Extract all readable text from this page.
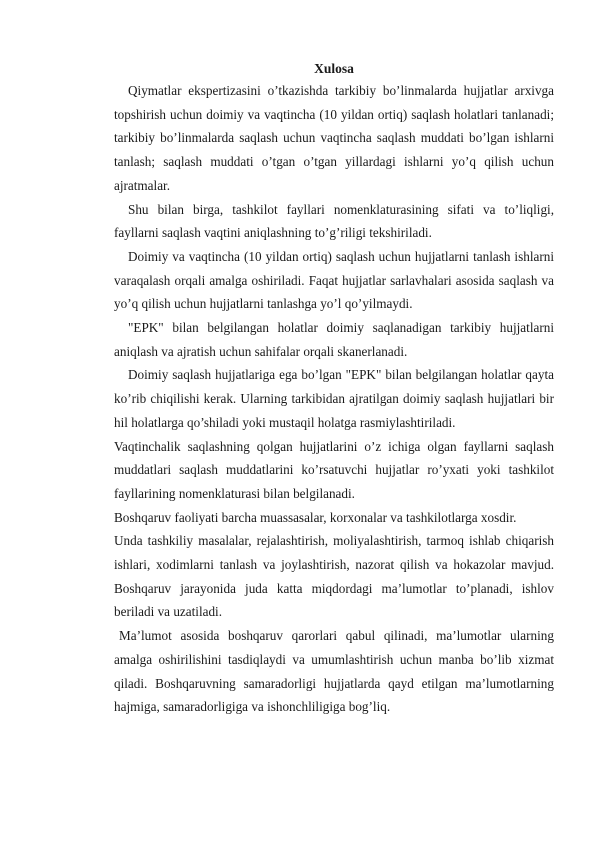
Xulosa

Qiymatlar ekspertizasini o’tkazishda tarkibiy bo’linmalarda hujjatlar arxivga topshirish uchun doimiy va vaqtincha (10 yildan ortiq) saqlash holatlari tanlanadi; tarkibiy bo’linmalarda saqlash uchun vaqtincha saqlash muddati bo’lgan ishlarni tanlash; saqlash muddati o’tgan o’tgan yillardagi ishlarni yo’q qilish uchun ajratmalar.

Shu bilan birga, tashkilot fayllari nomenklaturasining sifati va to’liqligi, fayllarni saqlash vaqtini aniqlashning to’g’riligi tekshiriladi.

Doimiy va vaqtincha (10 yildan ortiq) saqlash uchun hujjatlarni tanlash ishlarni varaqalash orqali amalga oshiriladi. Faqat hujjatlar sarlavhalari asosida saqlash va yo’q qilish uchun hujjatlarni tanlashga yo’l qo’yilmaydi.

"EPK" bilan belgilangan holatlar doimiy saqlanadigan tarkibiy hujjatlarni aniqlash va ajratish uchun sahifalar orqali skanerlanadi.

Doimiy saqlash hujjatlariga ega bo’lgan "EPK" bilan belgilangan holatlar qayta ko’rib chiqilishi kerak. Ularning tarkibidan ajratilgan doimiy saqlash hujjatlari bir hil holatlarga qo’shiladi yoki mustaqil holatga rasmiylashtiriladi.

Vaqtinchalik saqlashning qolgan hujjatlarini o’z ichiga olgan fayllarni saqlash muddatlari saqlash muddatlarini ko’rsatuvchi hujjatlar ro’yxati yoki tashkilot fayllarining nomenklaturasi bilan belgilanadi.

Boshqaruv faoliyati barcha muassasalar, korxonalar va tashkilotlarga xosdir.

Unda tashkiliy masalalar, rejalashtirish, moliyalashtirish, tarmoq ishlab chiqarish ishlari, xodimlarni tanlash va joylashtirish, nazorat qilish va hokazolar mavjud. Boshqaruv jarayonida juda katta miqdordagi ma’lumotlar to’planadi, ishlov beriladi va uzatiladi.

Ma’lumot asosida boshqaruv qarorlari qabul qilinadi, ma’lumotlar ularning amalga oshirilishini tasdiqlaydi va umumlashtirish uchun manba bo’lib xizmat qiladi. Boshqaruvning samaradorligi hujjatlarda qayd etilgan ma’lumotlarning hajmiga, samaradorligiga va ishonchliligiga bog’liq.
